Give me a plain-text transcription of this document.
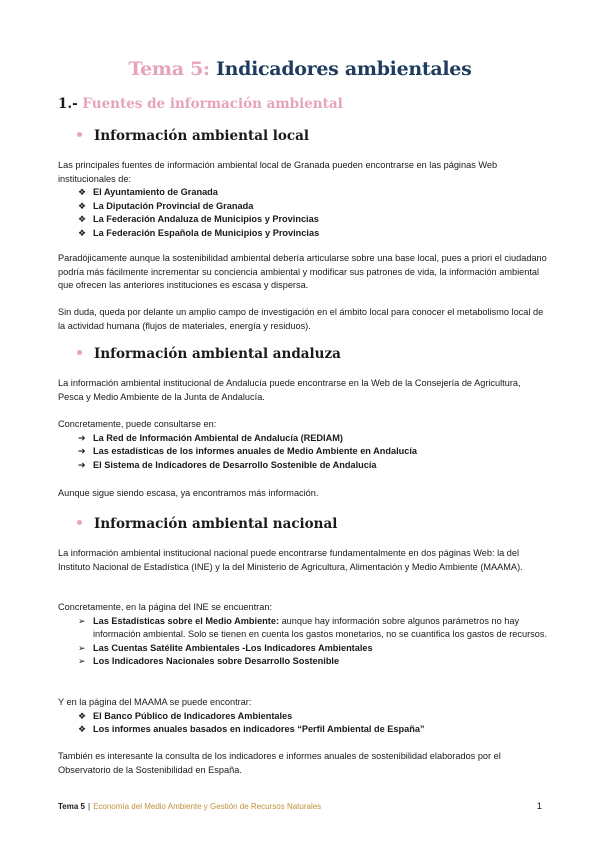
Tema 5: Indicadores ambientales
1.- Fuentes de información ambiental
Información ambiental local

Las principales fuentes de información ambiental local de Granada pueden encontrarse en las páginas Web institucionales de:

❖ El Ayuntamiento de Granada
❖ La Diputación Provincial de Granada
❖ La Federación Andaluza de Municipios y Provincias
❖ La Federación Española de Municipios y Provincias

Paradójicamente aunque la sostenibilidad ambiental debería articularse sobre una base local, pues a priori el ciudadano podría más fácilmente incrementar su conciencia ambiental y modificar sus patrones de vida, la información ambiental que ofrecen las anteriores instituciones es escasa y dispersa.

Sin duda, queda por delante un amplio campo de investigación en el ámbito local para conocer el metabolismo local de la actividad humana (flujos de materiales, energía y residuos).

Información ambiental andaluza

La información ambiental institucional de Andalucía puede encontrarse en la Web de la Consejería de Agricultura, Pesca y Medio Ambiente de la Junta de Andalucía.

Concretamente, puede consultarse en:

➔ La Red de Información Ambiental de Andalucía (REDIAM)
➔ Las estadísticas de los informes anuales de Medio Ambiente en Andalucía
➔ El Sistema de Indicadores de Desarrollo Sostenible de Andalucía

Aunque sigue siendo escasa, ya encontramos más información.

Información ambiental nacional

La información ambiental institucional nacional puede encontrarse fundamentalmente en dos páginas Web: la del Instituto Nacional de Estadística (INE) y la del Ministerio de Agricultura, Alimentación y Medio Ambiente (MAAMA).

Concretamente, en la página del INE se encuentran:

➢ Las Estadísticas sobre el Medio Ambiente: aunque hay información sobre algunos parámetros no hay información ambiental. Solo se tienen en cuenta los gastos monetarios, no se cuantifica los gastos de recursos.
➢ Las Cuentas Satélite Ambientales -Los Indicadores Ambientales
➢ Los Indicadores Nacionales sobre Desarrollo Sostenible

Y en la página del MAAMA se puede encontrar:

❖ El Banco Público de Indicadores Ambientales
❖ Los informes anuales basados en indicadores “Perfil Ambiental de España”

También es interesante la consulta de los indicadores e informes anuales de sostenibilidad elaborados por el Observatorio de la Sostenibilidad en España.

Tema 5 | Economía del Medio Ambiente y Gestión de Recursos Naturales	1
